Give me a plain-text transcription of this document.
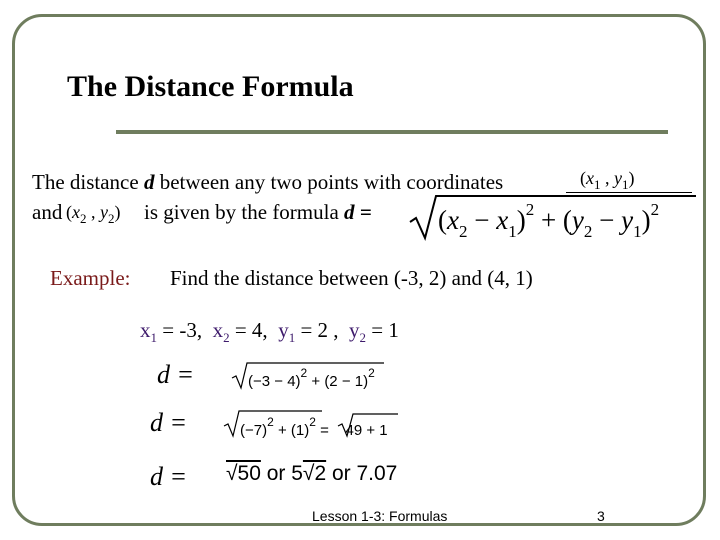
The Distance Formula
The distance d between any two points with coordinates	($x_1$ , $y_1$)
and ($x_2$ , $y_2$) is given by the formula $d = (x_2 - x_1)^2 + (y_2 - y_1)^2$
Example: Find the distance between (-3, 2) and (4, 1)
$x_1 = -3$,  $x_2 = 4$,  $y_1 = 2$ ,  $y_2 = 1$
d =	$(-3 - 4)^2 + (2 - 1)^2$
d =	$(-7)^2 + (1)^2$ =    49 + 1
d = √50 or 5√2 or 7.07
Lesson 1-3: Formulas	3
